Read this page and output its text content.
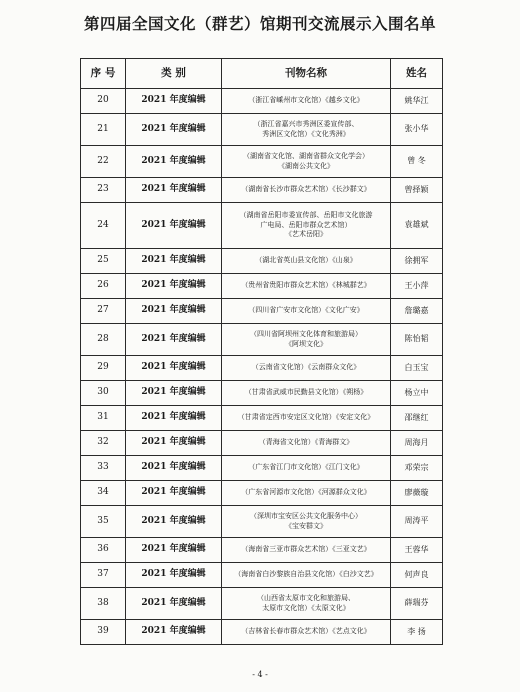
第四届全国文化（群艺）馆期刊交流展示入围名单
序 号	类 别	刊物名称	姓名
20	2021 年度编辑	（浙江省嵊州市文化馆）《越乡文化》	姚华江
21	2021 年度编辑	（浙江省嘉兴市秀洲区委宣传部、
秀洲区文化馆）《文化秀洲》	张小华
22	2021 年度编辑	（湖南省文化馆、湖南省群众文化学会）
《湖南公共文化》	曾 冬
23	2021 年度编辑	（湖南省长沙市群众艺术馆）《长沙群文》	曾择颖
24	2021 年度编辑	（湖南省岳阳市委宣传部、岳阳市文化旅游
广电局、岳阳市群众艺术馆）
《艺术岳阳》	袁雄斌
25	2021 年度编辑	（湖北省英山县文化馆）《山泉》	徐拥军
26	2021 年度编辑	（贵州省贵阳市群众艺术馆）《林城群艺》	王小萍
27	2021 年度编辑	（四川省广安市文化馆）《文化广安》	詹璐嘉
28	2021 年度编辑	（四川省阿坝州文化体育和旅游局）
《阿坝文化》	陈怡韬
29	2021 年度编辑	（云南省文化馆）《云南群众文化》	白玉宝
30	2021 年度编辑	（甘肃省武威市民勤县文化馆）《朔杨》	杨立中
31	2021 年度编辑	（甘肃省定西市安定区文化馆）《安定文化》	邵继红
32	2021 年度编辑	（青海省文化馆）《青海群文》	周海月
33	2021 年度编辑	（广东省江门市文化馆）《江门文化》	邓荣宗
34	2021 年度编辑	（广东省河源市文化馆）《河源群众文化》	廖薇璇
35	2021 年度编辑	（深圳市宝安区公共文化服务中心）
《宝安群文》	周涛平
36	2021 年度编辑	（海南省三亚市群众艺术馆）《三亚文艺》	王蓉华
37	2021 年度编辑	（海南省白沙黎族自治县文化馆）《白沙文艺》	何声良
38	2021 年度编辑	（山西省太原市文化和旅游局、
太原市文化馆）《太原文化》	薛瑞芬
39	2021 年度编辑	（吉林省长春市群众艺术馆）《艺点文化》	李 扬
- 4 -
